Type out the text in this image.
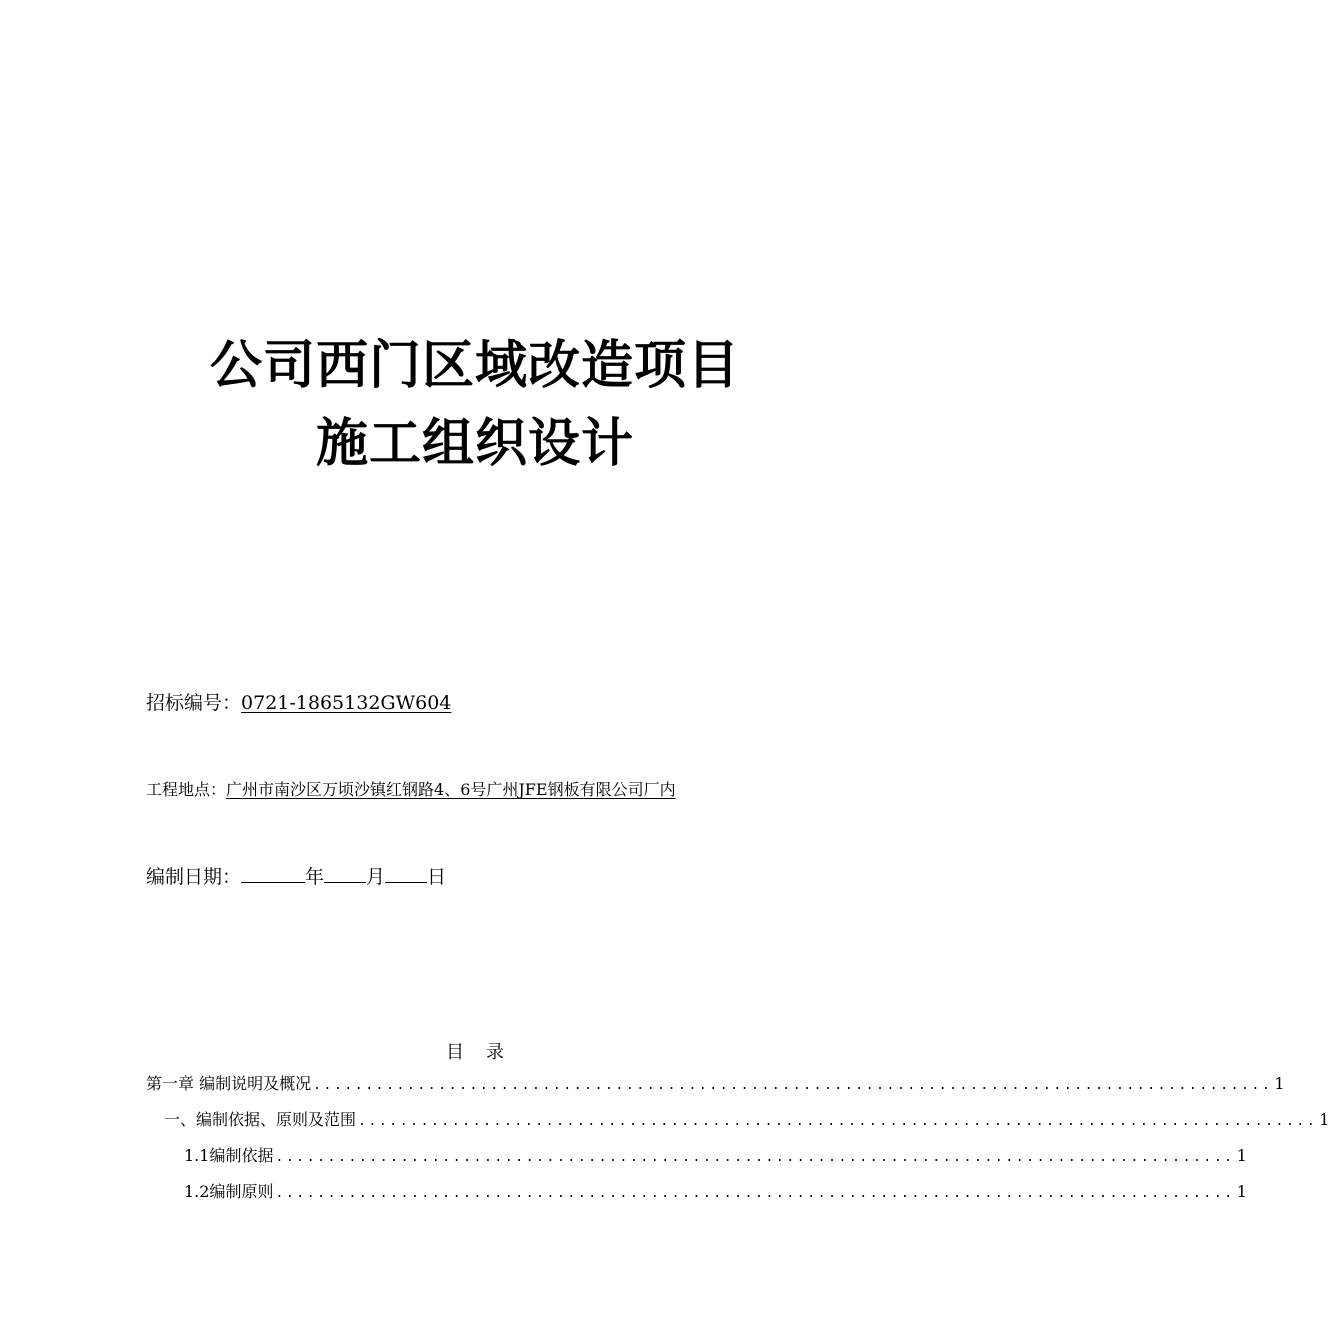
公司西门区域改造项目
施工组织设计
招标编号：0721-1865132GW604
工程地点：广州市南沙区万顷沙镇红钢路4、6号广州JFE钢板有限公司厂内
编制日期：	年 月 日
目录
第一章 编制说明及概况 ............................................................................................ 1
一、编制依据、原则及范围 ............................................................................................ 1
1.1编制依据 ............................................................................................ 1
1.2编制原则 ............................................................................................ 1
